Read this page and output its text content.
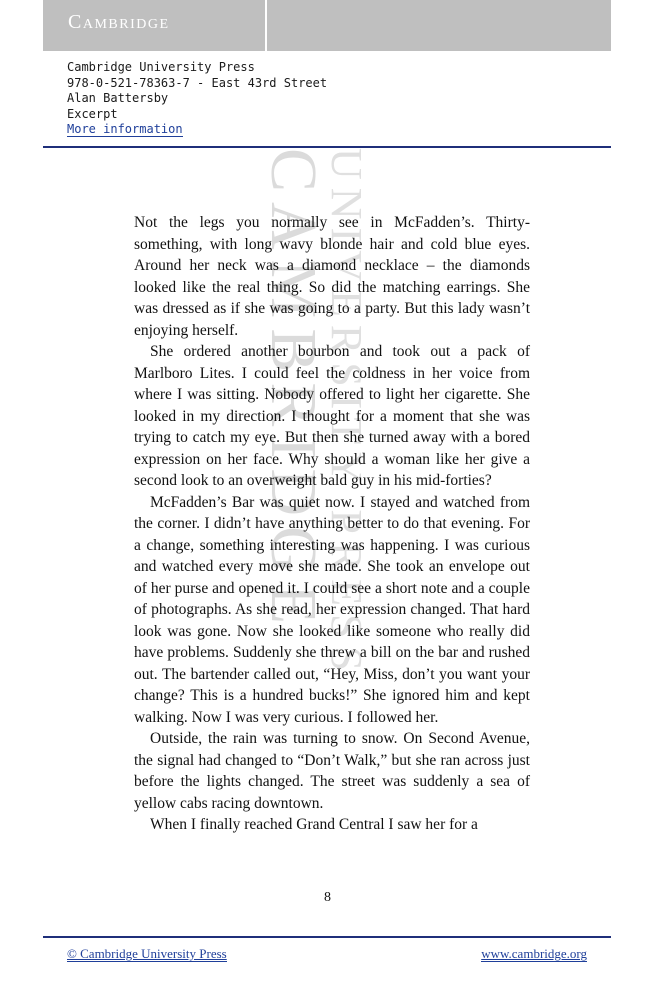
Cambridge
Cambridge University Press
978-0-521-78363-7 - East 43rd Street
Alan Battersby
Excerpt
More information
CAMBRIDGE
UNIVERSITY PRESS

Not the legs you normally see in McFadden’s. Thirty-something, with long wavy blonde hair and cold blue eyes. Around her neck was a diamond necklace – the diamonds looked like the real thing. So did the matching earrings. She was dressed as if she was going to a party. But this lady wasn’t enjoying herself.

She ordered another bourbon and took out a pack of Marlboro Lites. I could feel the coldness in her voice from where I was sitting. Nobody offered to light her cigarette. She looked in my direction. I thought for a moment that she was trying to catch my eye. But then she turned away with a bored expression on her face. Why should a woman like her give a second look to an overweight bald guy in his mid-forties?

McFadden’s Bar was quiet now. I stayed and watched from the corner. I didn’t have anything better to do that evening. For a change, something interesting was happening. I was curious and watched every move she made. She took an envelope out of her purse and opened it. I could see a short note and a couple of photographs. As she read, her expression changed. That hard look was gone. Now she looked like someone who really did have problems. Suddenly she threw a bill on the bar and rushed out. The bartender called out, “Hey, Miss, don’t you want your change? This is a hundred bucks!” She ignored him and kept walking. Now I was very curious. I followed her.

Outside, the rain was turning to snow. On Second Avenue, the signal had changed to “Don’t Walk,” but she ran across just before the lights changed. The street was suddenly a sea of yellow cabs racing downtown.

When I finally reached Grand Central I saw her for a

8
© Cambridge University Press	www.cambridge.org
